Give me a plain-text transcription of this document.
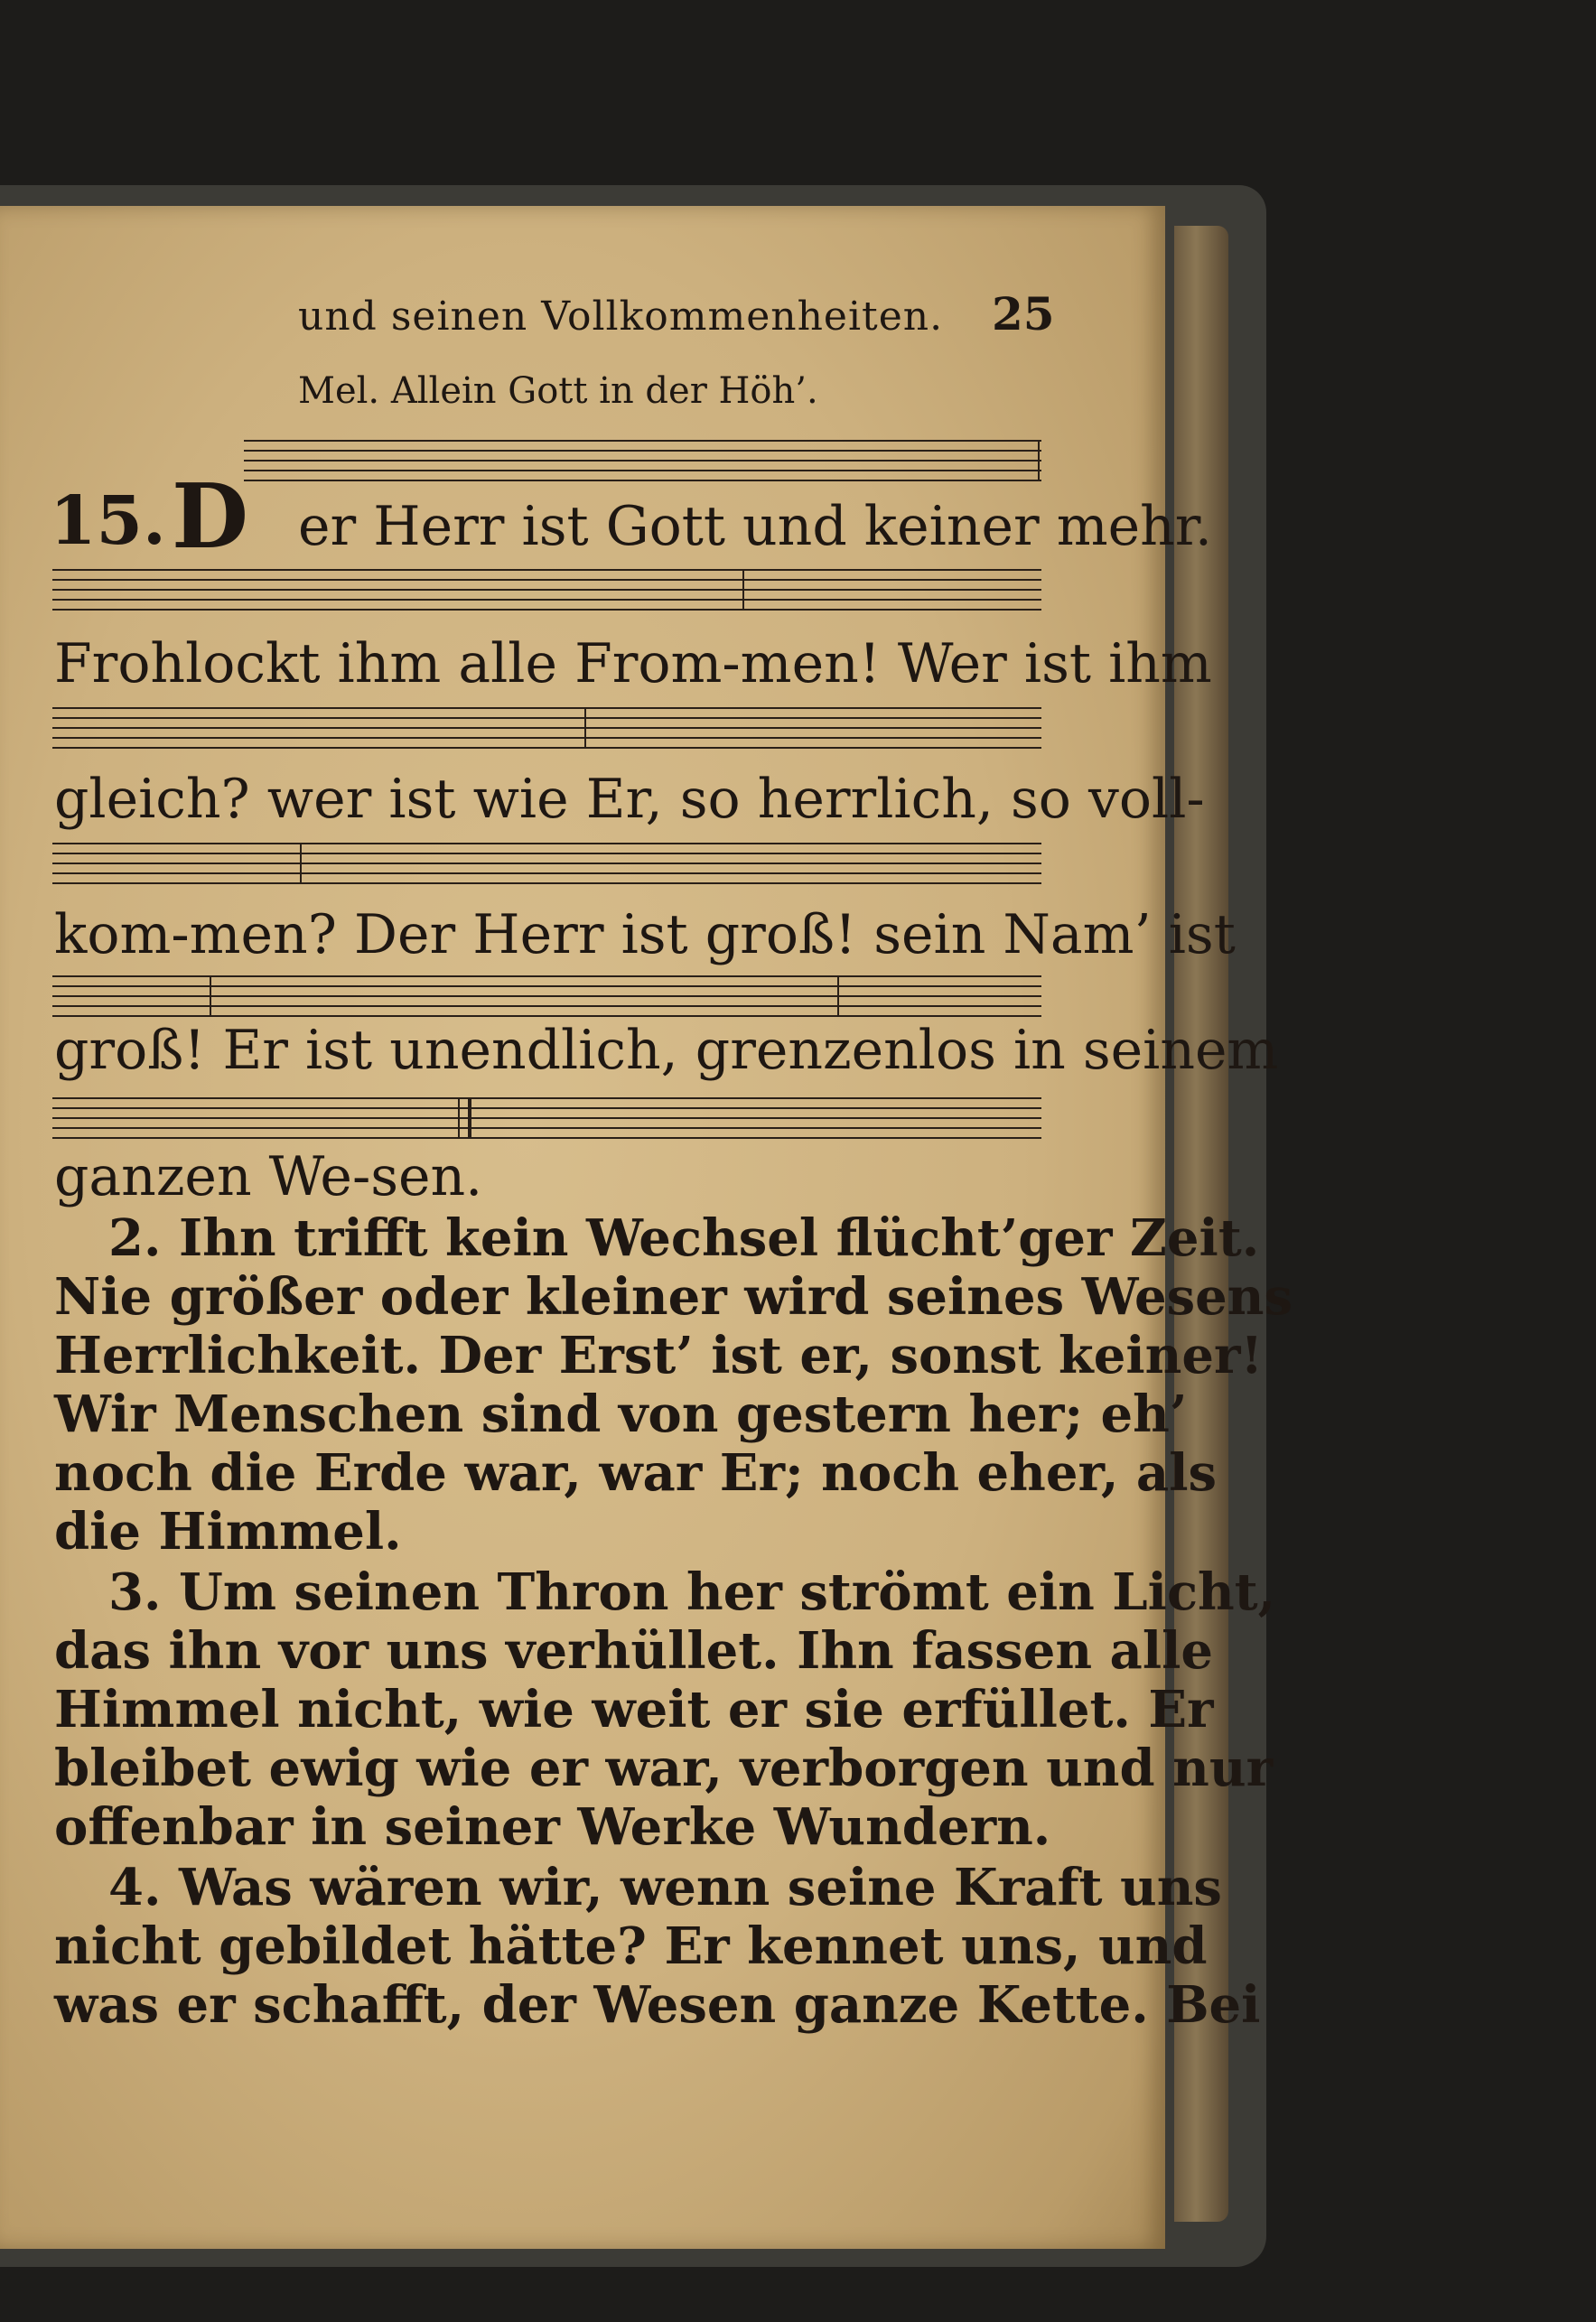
und seinen Vollkommenheiten. 25
Mel. Allein Gott in der Höh’.
15. D er Herr ist Gott und keiner mehr.
Frohlockt ihm alle From-men! Wer ist ihm
gleich? wer ist wie Er, so herrlich, so voll-
kom-men? Der Herr ist groß! sein Nam’ ist
groß! Er ist unendlich, grenzenlos in seinem
ganzen We-sen.
2. Ihn trifft kein Wechsel flücht’ger Zeit.
Nie größer oder kleiner wird seines Wesens
Herrlichkeit. Der Erst’ ist er, sonst keiner!
Wir Menschen sind von gestern her; eh’
noch die Erde war, war Er; noch eher, als
die Himmel.
3. Um seinen Thron her strömt ein Licht,
das ihn vor uns verhüllet. Ihn fassen alle
Himmel nicht, wie weit er sie erfüllet. Er
bleibet ewig wie er war, verborgen und nur
offenbar in seiner Werke Wundern.
4. Was wären wir, wenn seine Kraft uns
nicht gebildet hätte? Er kennet uns, und
was er schafft, der Wesen ganze Kette. Bei
